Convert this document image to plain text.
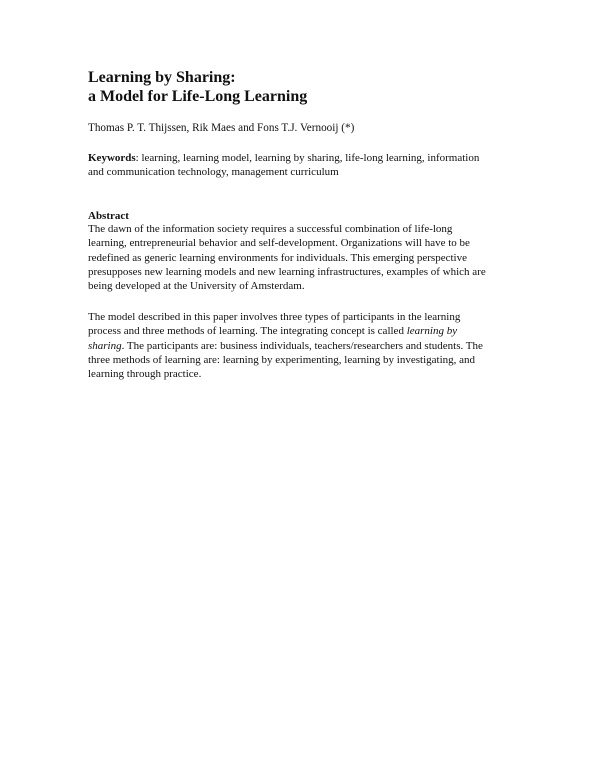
Learning by Sharing:
a Model for Life-Long Learning
Thomas P. T. Thijssen, Rik Maes and Fons T.J. Vernooij (*)
Keywords: learning, learning model, learning by sharing, life-long learning, information
and communication technology, management curriculum
Abstract
The dawn of the information society requires a successful combination of life-long
learning, entrepreneurial behavior and self-development. Organizations will have to be
redefined as generic learning environments for individuals. This emerging perspective
presupposes new learning models and new learning infrastructures, examples of which are
being developed at the University of Amsterdam.
The model described in this paper involves three types of participants in the learning
process and three methods of learning. The integrating concept is called learning by
sharing. The participants are: business individuals, teachers/researchers and students. The
three methods of learning are: learning by experimenting, learning by investigating, and
learning through practice.
